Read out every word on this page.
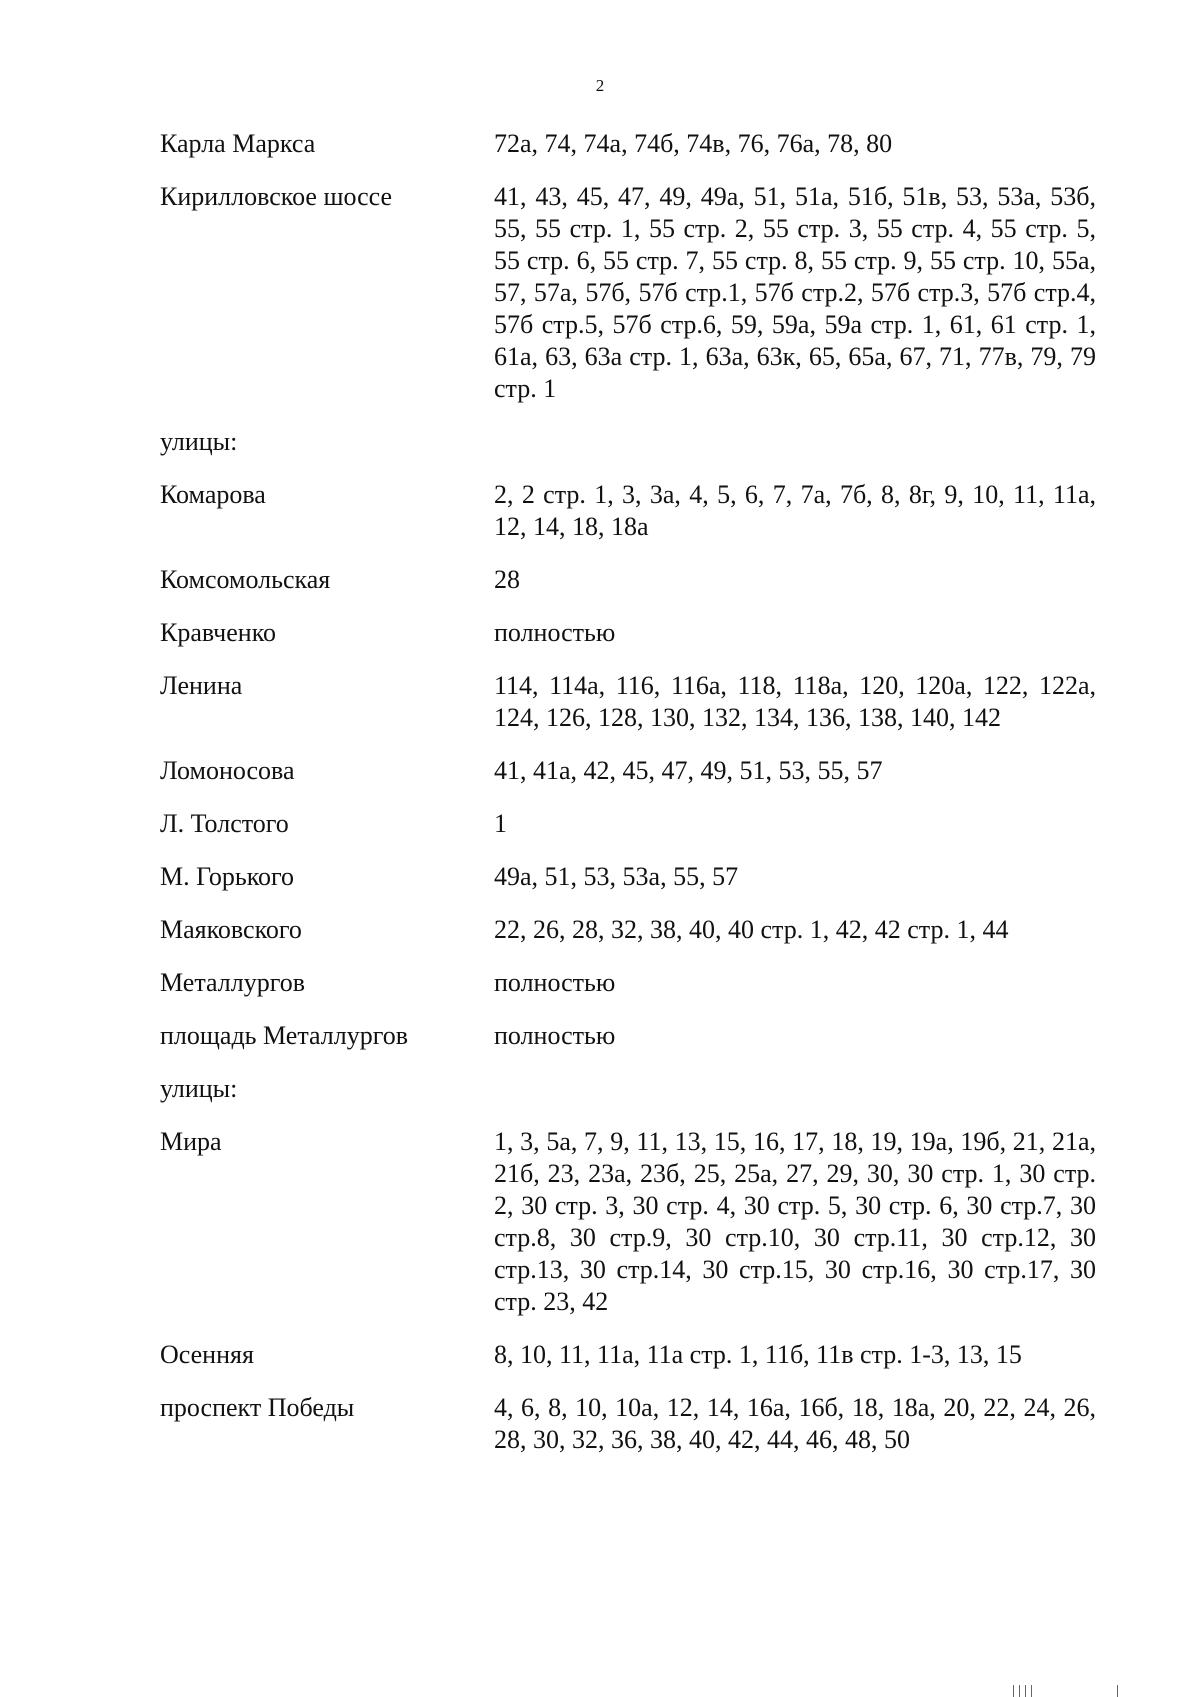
2
Карла Маркса	72а, 74, 74а, 74б, 74в, 76, 76а, 78, 80
Кирилловское шоссе	41, 43, 45, 47, 49, 49а, 51, 51а, 51б, 51в, 53, 53а, 53б, 55, 55 стр. 1, 55 стр. 2, 55 стр. 3, 55 стр. 4, 55 стр. 5, 55 стр. 6, 55 стр. 7, 55 стр. 8, 55 стр. 9, 55 стр. 10, 55а, 57, 57а, 57б, 57б стр.1, 57б стр.2, 57б стр.3, 57б стр.4, 57б стр.5, 57б стр.6, 59, 59а, 59а стр. 1, 61, 61 стр. 1, 61а, 63, 63а стр. 1, 63а, 63к, 65, 65а, 67, 71, 77в, 79, 79 стр. 1
улицы:
Комарова	2, 2 стр. 1, 3, 3а, 4, 5, 6, 7, 7а, 7б, 8, 8г, 9, 10, 11, 11а, 12, 14, 18, 18а
Комсомольская	28
Кравченко	полностью
Ленина	114, 114а, 116, 116а, 118, 118а, 120, 120а, 122, 122а, 124, 126, 128, 130, 132, 134, 136, 138, 140, 142
Ломоносова	41, 41а, 42, 45, 47, 49, 51, 53, 55, 57
Л. Толстого	1
М. Горького	49а, 51, 53, 53а, 55, 57
Маяковского	22, 26, 28, 32, 38, 40, 40 стр. 1, 42, 42 стр. 1, 44
Металлургов	полностью
площадь Металлургов	полностью
улицы:
Мира	1, 3, 5а, 7, 9, 11, 13, 15, 16, 17, 18, 19, 19а, 19б, 21, 21а, 21б, 23, 23а, 23б, 25, 25а, 27, 29, 30, 30 стр. 1, 30 стр. 2, 30 стр. 3, 30 стр. 4, 30 стр. 5, 30 стр. 6, 30 стр.7, 30 стр.8, 30 стр.9, 30 стр.10, 30 стр.11, 30 стр.12, 30 стр.13, 30 стр.14, 30 стр.15, 30 стр.16, 30 стр.17, 30 стр. 23, 42
Осенняя	8, 10, 11, 11а, 11а стр. 1, 11б, 11в стр. 1-3, 13, 15
проспект Победы	4, 6, 8, 10, 10а, 12, 14, 16а, 16б, 18, 18а, 20, 22, 24, 26, 28, 30, 32, 36, 38, 40, 42, 44, 46, 48, 50
